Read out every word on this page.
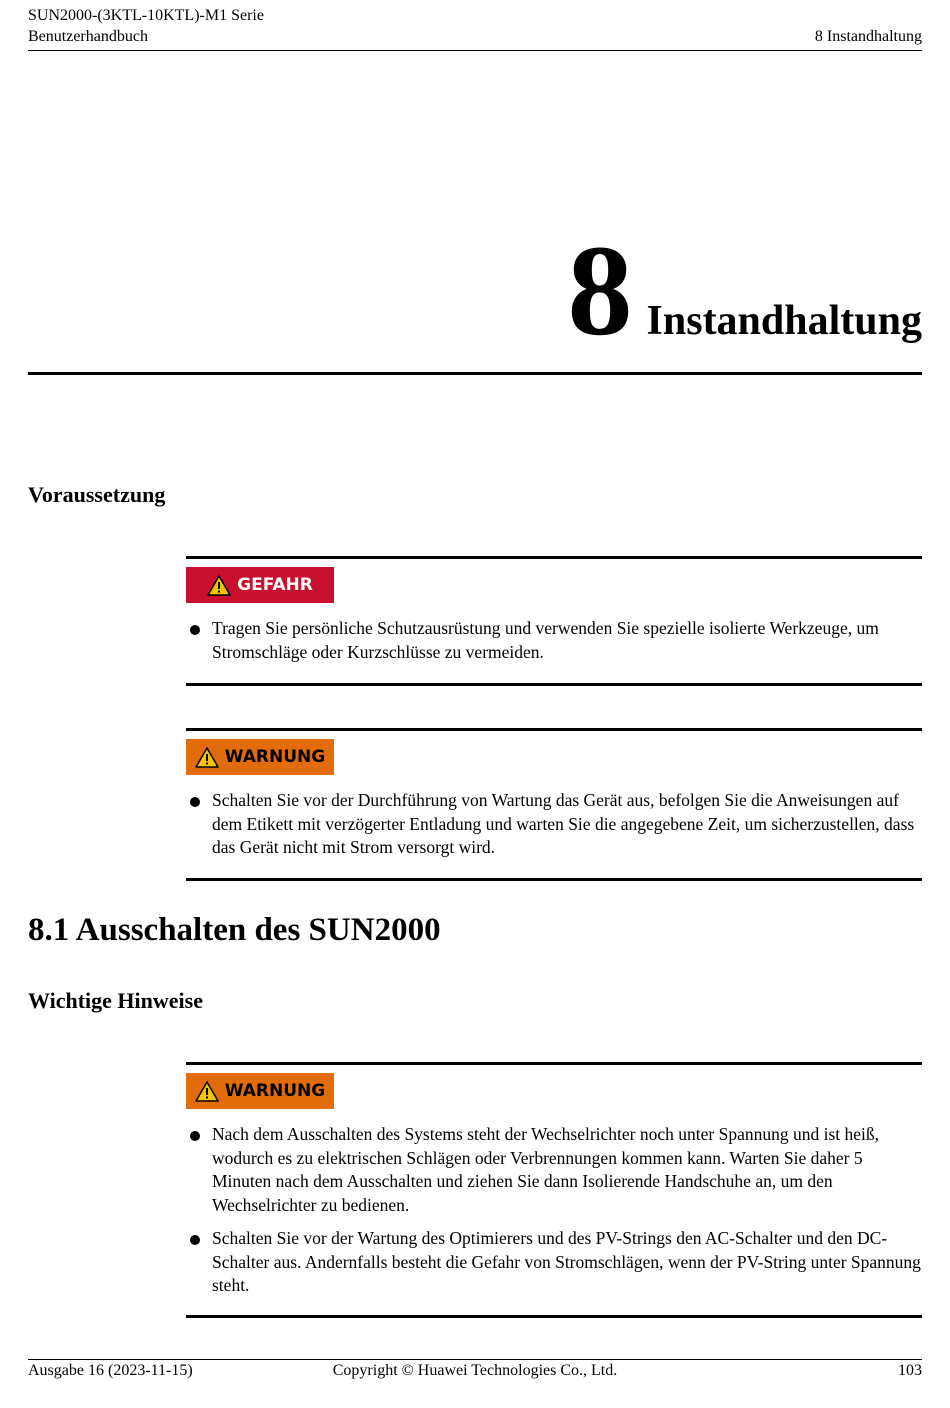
SUN2000-(3KTL-10KTL)-M1 Serie
Benutzerhandbuch	8 Instandhaltung
8 Instandhaltung
Voraussetzung
GEFAHR
Tragen Sie persönliche Schutzausrüstung und verwenden Sie spezielle isolierte Werkzeuge, um Stromschläge oder Kurzschlüsse zu vermeiden.
WARNUNG
Schalten Sie vor der Durchführung von Wartung das Gerät aus, befolgen Sie die Anweisungen auf dem Etikett mit verzögerter Entladung und warten Sie die angegebene Zeit, um sicherzustellen, dass das Gerät nicht mit Strom versorgt wird.
8.1 Ausschalten des SUN2000
Wichtige Hinweise
WARNUNG
Nach dem Ausschalten des Systems steht der Wechselrichter noch unter Spannung und ist heiß, wodurch es zu elektrischen Schlägen oder Verbrennungen kommen kann. Warten Sie daher 5 Minuten nach dem Ausschalten und ziehen Sie dann Isolierende Handschuhe an, um den Wechselrichter zu bedienen.
Schalten Sie vor der Wartung des Optimierers und des PV-Strings den AC-Schalter und den DC-Schalter aus. Andernfalls besteht die Gefahr von Stromschlägen, wenn der PV-String unter Spannung steht.
Ausgabe 16 (2023-11-15)	Copyright © Huawei Technologies Co., Ltd.	103
